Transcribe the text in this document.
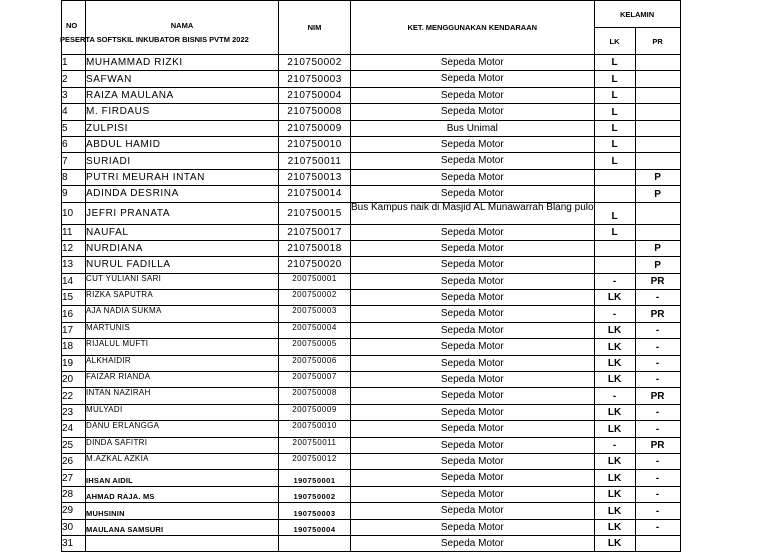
NO	NAMA
PESERTA SOFTSKIL INKUBATOR BISNIS PVTM 2022	NIM	KET. MENGGUNAKAN KENDARAAN	KELAMIN	
				LK	PR
1	MUHAMMAD RIZKI	210750002	Sepeda Motor	L	
2	SAFWAN	210750003	Sepeda Motor	L	
3	RAIZA MAULANA	210750004	Sepeda Motor	L	
4	M. FIRDAUS	210750008	Sepeda Motor	L	
5	ZULPISI	210750009	Bus Unimal	L	
6	ABDUL HAMID	210750010	Sepeda Motor	L	
7	SURIADI	210750011	Sepeda Motor	L	
8	PUTRI MEURAH INTAN	210750013	Sepeda Motor		P
9	ADINDA DESRINA	210750014	Sepeda Motor		P
10	JEFRI PRANATA	210750015	Bus Kampus naik di Masjid AL Munawarrah Blang pulo	L	
11	NAUFAL	210750017	Sepeda Motor	L	
12	NURDIANA	210750018	Sepeda Motor		P
13	NURUL FADILLA	210750020	Sepeda Motor		P
14	CUT YULIANI SARI	200750001	Sepeda Motor	-	PR
15	RIZKA SAPUTRA	200750002	Sepeda Motor	LK	-
16	AJA NADIA SUKMA	200750003	Sepeda Motor	-	PR
17	MARTUNIS	200750004	Sepeda Motor	LK	-
18	RIJALUL MUFTI	200750005	Sepeda Motor	LK	-
19	ALKHAIDIR	200750006	Sepeda Motor	LK	-
20	FAIZAR RIANDA	200750007	Sepeda Motor	LK	-
22	INTAN NAZIRAH	200750008	Sepeda Motor	-	PR
23	MULYADI	200750009	Sepeda Motor	LK	-
24	DANU ERLANGGA	200750010	Sepeda Motor	LK	-
25	DINDA SAFITRI	200750011	Sepeda Motor	-	PR
26	M.AZKAL AZKIA	200750012	Sepeda Motor	LK	-
27	IHSAN AIDIL	190750001	Sepeda Motor	LK	-
28	AHMAD RAJA. MS	190750002	Sepeda Motor	LK	-
29	MUHSININ	190750003	Sepeda Motor	LK	-
30	MAULANA SAMSURI	190750004	Sepeda Motor	LK	-
31			Sepeda Motor	LK	
